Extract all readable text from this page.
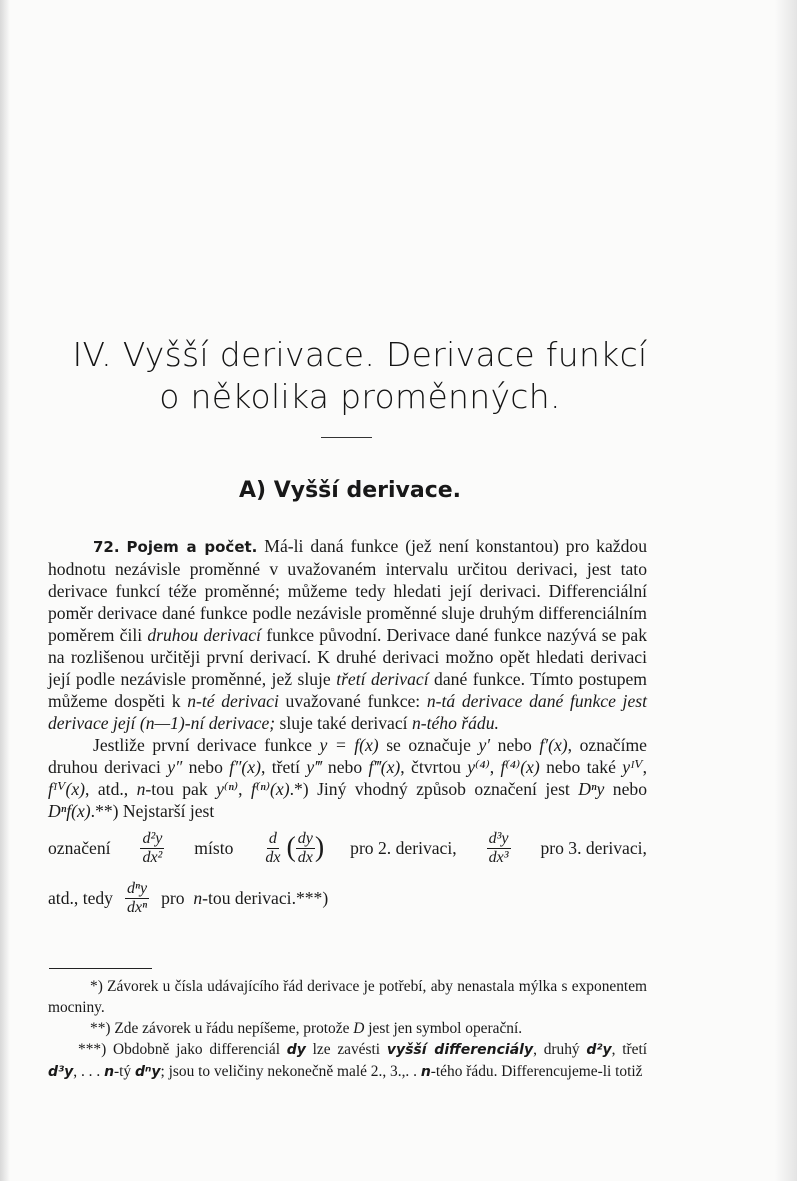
IV. Vyšší derivace. Derivace funkcí
o několika proměnných.
A) Vyšší derivace.

72. Pojem a počet. Má-li daná funkce (jež není konstantou) pro každou hodnotu nezávisle proměnné v uvažovaném intervalu určitou derivaci, jest tato derivace funkcí téže proměnné; můžeme tedy hledati její derivaci. Differenciální poměr derivace dané funkce podle nezávisle proměnné sluje druhým differenciálním poměrem čili druhou derivací funkce původní. Derivace dané funkce nazývá se pak na rozlišenou určitěji první derivací. K druhé derivaci možno opět hledati derivaci její podle nezávisle proměnné, jež sluje třetí derivací dané funkce. Tímto postupem můžeme dospěti k n-té derivaci uvažované funkce: n-tá derivace dané funkce jest derivace její (n—1)-ní derivace; sluje také derivací n-tého řádu.

Jestliže první derivace funkce y = f(x) se označuje y′ nebo f′(x), označíme druhou derivaci y″ nebo f″(x), třetí y‴ nebo f‴(x), čtvrtou y⁽⁴⁾, f⁽⁴⁾(x) nebo také yᴵⱽ, fᴵⱽ(x), atd., n-tou pak y⁽ⁿ⁾, f⁽ⁿ⁾(x).*) Jiný vhodný způsob označení jest Dⁿy nebo Dⁿf(x).**) Nejstarší jest

označení $\frac{\text{d²y}}{\text{dx²}}$ místo $\frac{d}{dx}$ ( $\frac{dy}{dx}$ ) pro 2. derivaci, $\frac{\text{d³y}}{\text{dx³}}$ pro 3. derivaci,
atd., tedy $\frac{\text{dⁿy}}{\text{dxⁿ}}$ pro n-tou derivaci.***)

*) Závorek u čísla udávajícího řád derivace je potřebí, aby nenastala mýlka s exponentem mocniny.

**) Zde závorek u řádu nepíšeme, protože D jest jen symbol operační.

***) Obdobně jako differenciál dy lze zavésti vyšší differenciály, druhý d²y, třetí d³y, . . . n-tý dⁿy; jsou to veličiny nekonečně malé 2., 3.,. . n-tého řádu. Differencujeme-li totiž
